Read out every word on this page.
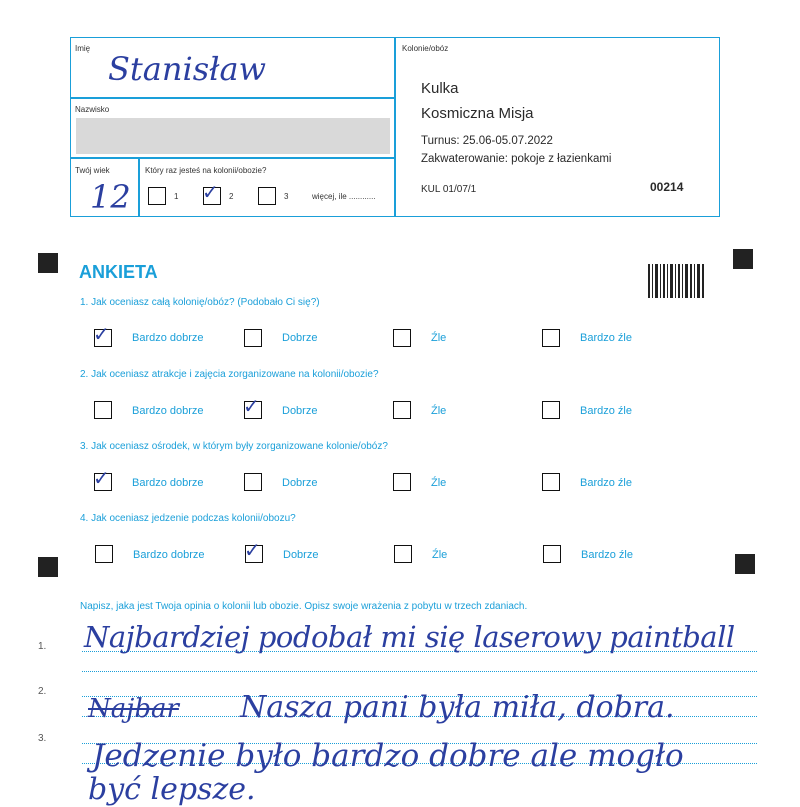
Imię
Stanisław
Nazwisko
Twój wiek
12
Który raz jesteś na kolonii/obozie?
1 ✓ 2	3	więcej, ile ............
Kolonie/obóz
Kulka
Kosmiczna Misja
Turnus: 25.06-05.07.2022
Zakwaterowanie: pokoje z łazienkami
KUL 01/07/1	00214
ANKIETA
1. Jak oceniasz całą kolonię/obóz? (Podobało Ci się?)
✓ Bardzo dobrze	Dobrze	Źle	Bardzo źle
2. Jak oceniasz atrakcje i zajęcia zorganizowane na kolonii/obozie?
Bardzo dobrze ✓ Dobrze	Źle	Bardzo źle
3. Jak oceniasz ośrodek, w którym były zorganizowane kolonie/obóz?
✓ Bardzo dobrze	Dobrze	Źle	Bardzo źle
4. Jak oceniasz jedzenie podczas kolonii/obozu?
Bardzo dobrze ✓ Dobrze	Źle	Bardzo źle
Napisz, jaka jest Twoja opinia o kolonii lub obozie. Opisz swoje wrażenia z pobytu w trzech zdaniach.
1.
2.
3.
Najbardziej podobał mi się laserowy paintball
Najbar Nasza pani była miła, dobra.
Jedzenie było bardzo dobre ale mogło
być lepsze.
